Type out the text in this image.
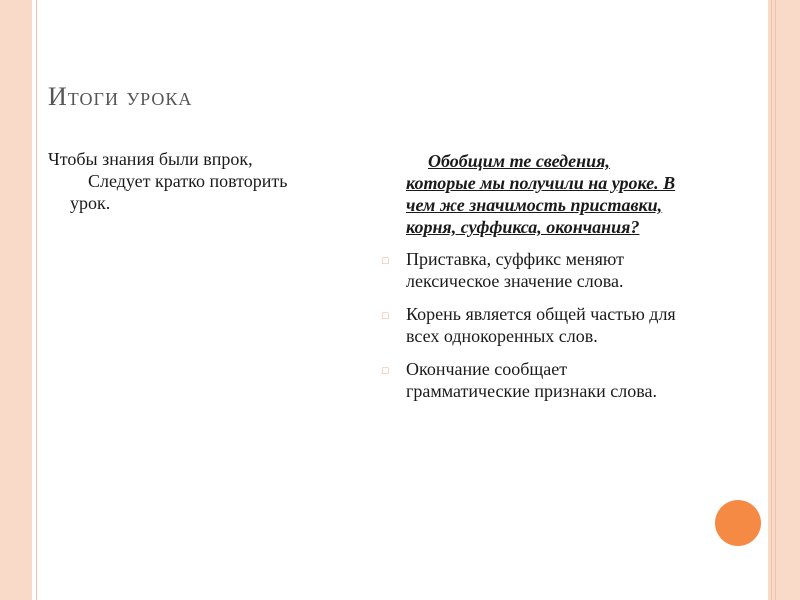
Итоги урока
Чтобы знания были впрок,
Следует кратко повторить
урок.
Обобщим те сведения, которые мы получили на уроке. В чем же значимость приставки, корня, суффикса, окончания?
□ Приставка, суффикс меняют лексическое значение слова.
□ Корень является общей частью для всех однокоренных слов.
□ Окончание сообщает грамматические признаки слова.
